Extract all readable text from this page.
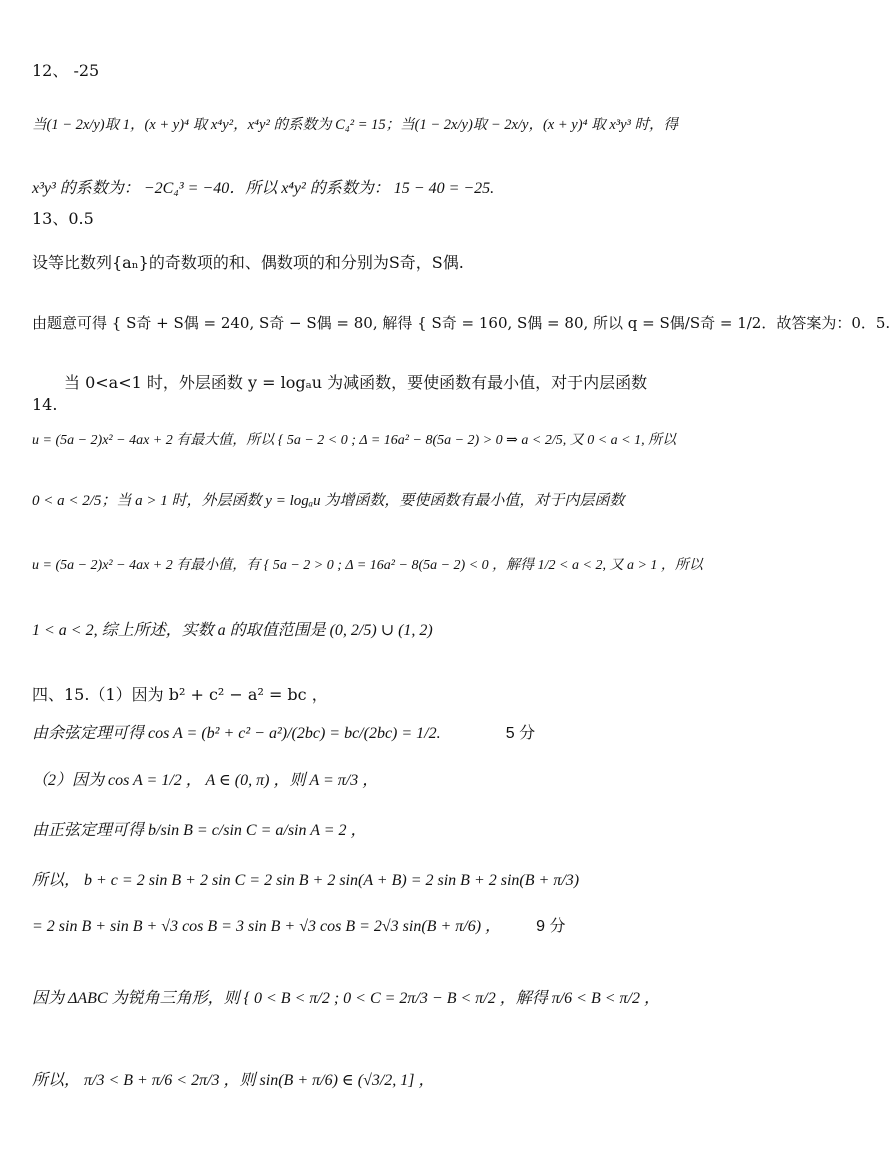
12、 -25
当(1 − 2x/y)取 1，(x + y)⁴ 取 x⁴y²，x⁴y² 的系数为 C₄² = 15；当(1 − 2x/y)取 − 2x/y，(x + y)⁴ 取 x³y³ 时，得
x³y³ 的系数为： −2C₄³ = −40．所以 x⁴y² 的系数为： 15 − 40 = −25.
13、0.5
设等比数列{aₙ}的奇数项的和、偶数项的和分别为S奇，S偶.
由题意可得 { S奇 + S偶 = 240, S奇 − S偶 = 80, 解得 { S奇 = 160, S偶 = 80, 所以 q = S偶/S奇 = 1/2．故答案为：0．5.
当 0<a<1 时，外层函数 y = logₐu 为减函数，要使函数有最小值，对于内层函数
14.
u = (5a − 2)x² − 4ax + 2 有最大值，所以 { 5a − 2 < 0 ; Δ = 16a² − 8(5a − 2) > 0 ⇒ a < 2/5, 又 0 < a < 1, 所以
0 < a < 2/5；当 a > 1 时，外层函数 y = logₐu 为增函数，要使函数有最小值，对于内层函数
u = (5a − 2)x² − 4ax + 2 有最小值，有 { 5a − 2 > 0 ; Δ = 16a² − 8(5a − 2) < 0 ，解得 1/2 < a < 2, 又 a > 1 ，所以
1 < a < 2, 综上所述，实数 a 的取值范围是 (0, 2/5) ∪ (1, 2)
四、15.（1）因为 b² + c² − a² = bc ，
由余弦定理可得 cos A = (b² + c² − a²)/(2bc) = bc/(2bc) = 1/2.	5 分
（2）因为 cos A = 1/2 ， A ∈ (0, π) ，则 A = π/3 ，
由正弦定理可得 b/sin B = c/sin C = a/sin A = 2 ，
所以， b + c = 2 sin B + 2 sin C = 2 sin B + 2 sin(A + B) = 2 sin B + 2 sin(B + π/3)
= 2 sin B + sin B + √3 cos B = 3 sin B + √3 cos B = 2√3 sin(B + π/6) ， 9 分
因为 ΔABC 为锐角三角形，则 { 0 < B < π/2 ; 0 < C = 2π/3 − B < π/2 ，解得 π/6 < B < π/2 ，
所以， π/3 < B + π/6 < 2π/3 ，则 sin(B + π/6) ∈ (√3/2, 1] ，
